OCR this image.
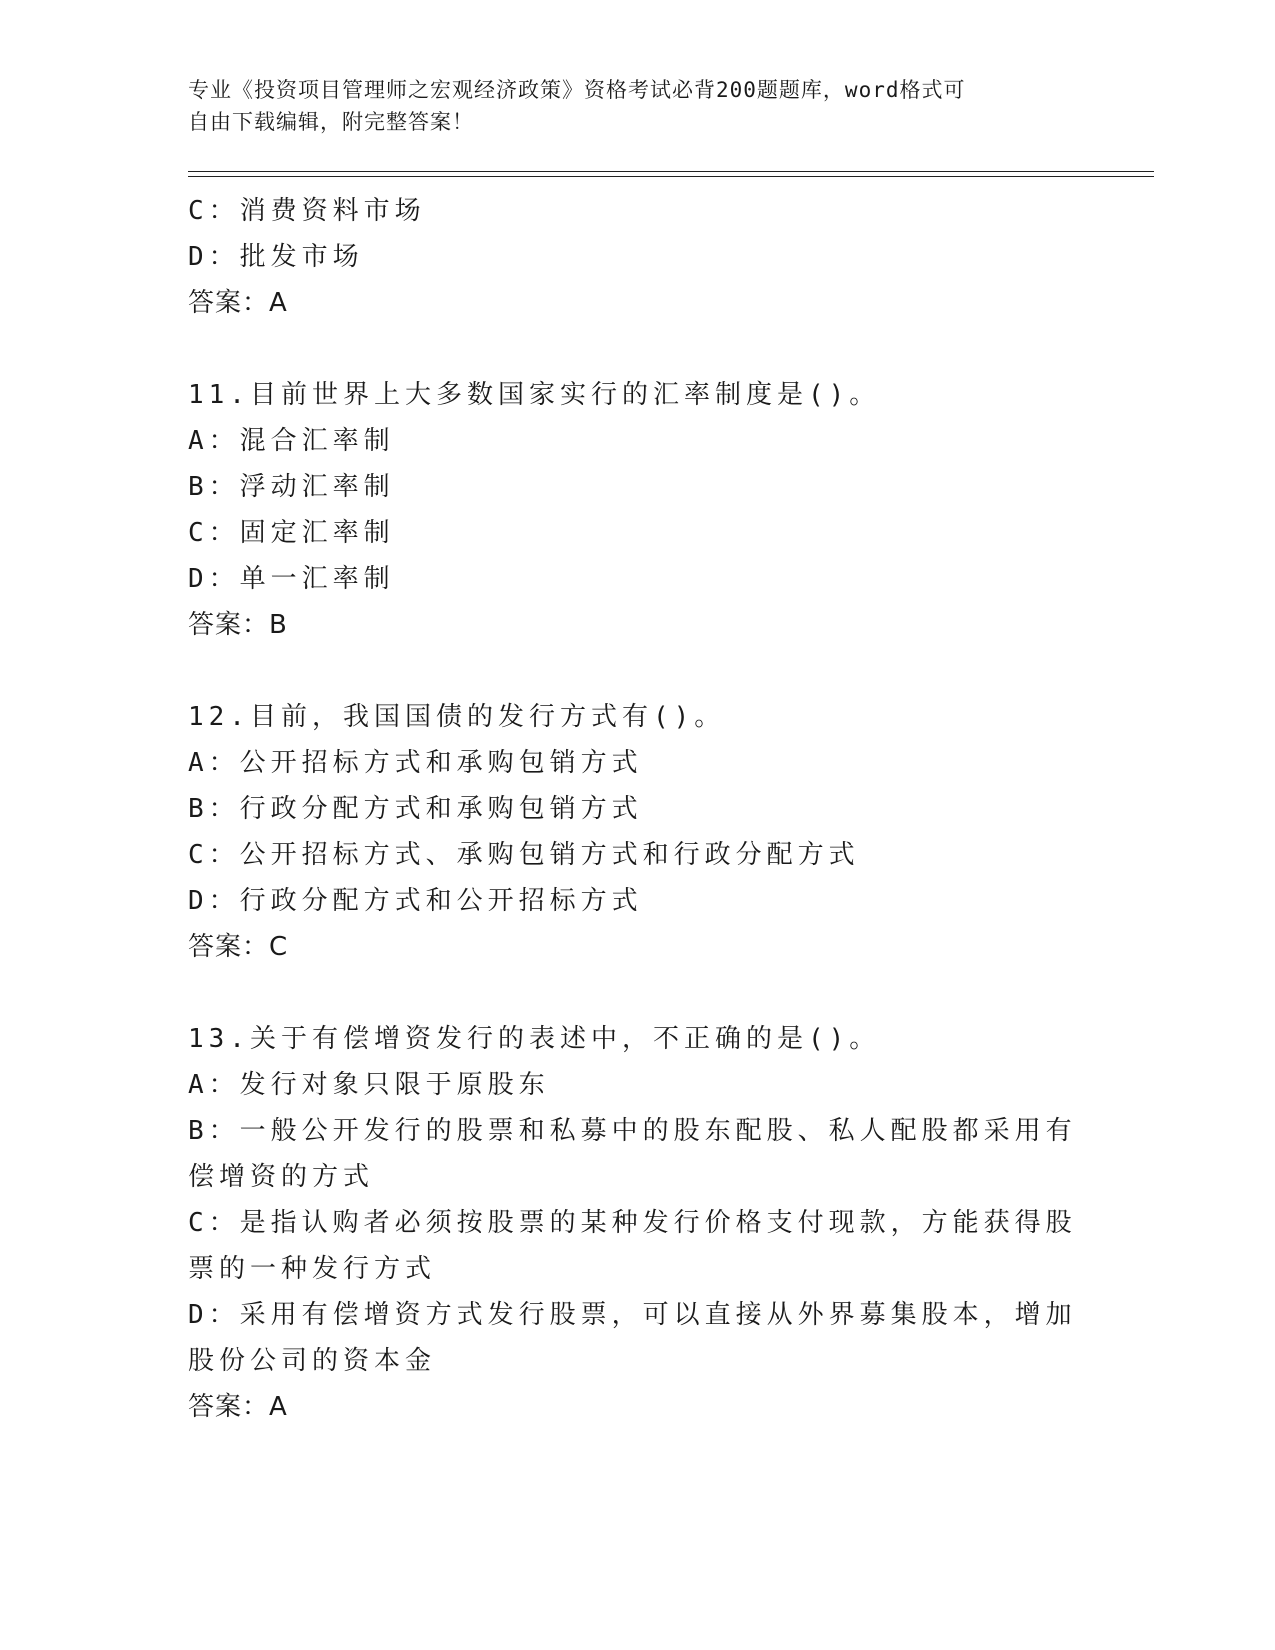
专业《投资项目管理师之宏观经济政策》资格考试必背200题题库，word格式可
自由下载编辑，附完整答案！

C：消费资料市场

D：批发市场

答案：A

11.目前世界上大多数国家实行的汇率制度是()。

A：混合汇率制

B：浮动汇率制

C：固定汇率制

D：单一汇率制

答案：B

12.目前，我国国债的发行方式有()。

A：公开招标方式和承购包销方式

B：行政分配方式和承购包销方式

C：公开招标方式、承购包销方式和行政分配方式

D：行政分配方式和公开招标方式

答案：C

13.关于有偿增资发行的表述中，不正确的是()。

A：发行对象只限于原股东

B：一般公开发行的股票和私募中的股东配股、私人配股都采用有偿增资的方式

C：是指认购者必须按股票的某种发行价格支付现款，方能获得股票的一种发行方式

D：采用有偿增资方式发行股票，可以直接从外界募集股本，增加股份公司的资本金

答案：A
